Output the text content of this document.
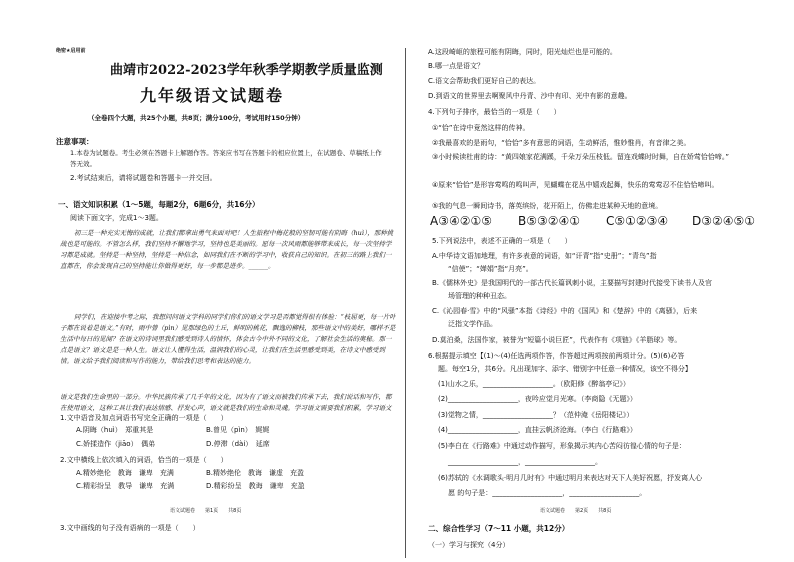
绝密★启用前
曲靖市2022-2023学年秋季学期教学质量监测
九年级语文试题卷
（全卷四个大题，共25个小题，共8页；满分100分，考试用时150分钟）
注意事项：
1.本卷为试题卷。考生必须在答题卡上解题作答。答案应书写在答题卡的相应位置上，在试题卷、草稿纸上作答无效。
2.考试结束后，请将试题卷和答题卡一并交回。
一、语文知识积累（1～5题，每题2分，6题6分，共16分）
阅读下面文字，完成1～3题。
初三是一种充实无悔的成就，让我们都拿出勇气来面对吧！人生旅程中梅花般的坚韧可能有阴晦（huì），那种挑战也是可能的。不管怎么样，我们坚持不懈地学习，坚持也是美丽的。愿每一次风雨都能够带来成长，每一次坚持学习都是成就。坚持是一种坚持，坚持是一种信念，如同我们在不断的学习中，收获自己的知识。在初三的路上我们一直都在，你会发现自己的坚持能让你做得更好，每一步都是进步。______。
同学们，在迎接中考之际，我想问问语文学科的同学们你们的语文学习是否都觉得很有体验：“枝屈更，每一片叶子都在说着是语文。”有时，雨中曾（pìn）见那绿色的土丘，鲜明的桃花，飘逸的柳枝，那些语文中的美好，哪样不是生活中每日的见闻？在语文的诗词里我们感受到诗人的情怀，体会古今中外不同的文化，了解社会生活的奥秘。那一点是语文？语文是是一种人生。语文让人懂得生活，温润我们的心灵，让我们在生活里感受到美，在诗文中感受到情。语文给予我们阅读和写作的能力，带给我们思考和表达的能力。
语文是我们生命里的一部分。中华民族传承了几千年的文化，因为有了语文而被我们传承下去，我们说话和写作，都在使用语文，这种工具让我们表达情感、抒发心声，语文就是我们的生命和灵魂。学习语文需要我们积累，学习语文
1.文中语音及加点词语书写完全正确的一项是（　　）
A.阴晦（huì）　郑重其是	B.曾见（pìn）　娓娓
C.娇揉造作（jiāo）　偶弟	D.停滞（dài）　延席
2.文中横线上依次填入的词语，恰当的一项是（　　）
A.精妙绝伦　教诲　谦卑　充满	B.精妙绝伦　教诲　谦虚　充盈
C.精彩纷呈　教导　谦卑　充满	D.精彩纷呈　教诲　谦卑　充盈
语文试题卷　　第1页　　共8页
3.文中画线的句子没有语病的一项是（　　）
A.这段崎岖的旅程可能有阴晦，同时，阳光灿烂也是可能的。
B.哪一点是语文？
C.语文会帮助我们更好自己的表达。
D.到语文的世界里去啊聚风中丹青、沙中有印、光中有影的意趣。
4.下列句子排序，最恰当的一项是（　　）
①“恰”在诗中竟然这样的传神。
②我最喜欢的是雨句，“恰恰”多有意思的词语，生动鲜活，惟妙惟肖，有音律之美。
③小时候读杜甫的诗：“黄四娘家花满蹊，千朵万朵压枝低。留连戏蝶时时舞，自在娇莺恰恰啼。”
④原来“恰恰”是形容莺鸣的鸣叫声，见蝴蝶在花丛中嬉戏起舞，快乐的莺莺忍不住恰恰啼叫。
⑤我的气息一瞬间诗书，落英缤纷，花开陌上，仿佛走进某种天地的意境。
A③④②①⑤ B⑤③②④① C⑤①②③④ D③②④⑤①
5.下列说法中，表述不正确的一项是（　　）
A.中华诗文语加地理，有许多表意的词语，如“讦青”指“史册”；“青鸟”指
“信使”；“婵娟”指“月亮”。
B.《儒林外史》是我国明代的一部古代长篇讽刺小说，主要描写封建时代接受下读书人及官
场管理的种种丑态。
C.《沁园春·雪》中的“风骚”本指《诗经》中的《国风》和《楚辞》中的《离骚》，后来
泛指文学作品。
D.莫泊桑，法国作家，被誉为“短篇小说巨匠”，代表作有《项链》《羊脂球》等。
6.根据提示填空【(1)～(4)任选两项作答，作答超过两项按前两项计分。(5)(6)必答
题。每空1分，共6分。凡出现加字、添字、错别字中任意一种情况，该空不得分】
(1)山水之乐，____________________。（欧阳修《醉翁亭记》）
(2)____________________，夜吟应觉月光寒。（李商隐《无题》）
(3)觉物之情，____________________？（范仲淹《岳阳楼记》）
(4)____________________，直挂云帆济沧海。（李白《行路难》）
(5)李白在《行路难》中通过动作描写，形象揭示其内心苦闷彷徨心情的句子是：
____________________，____________________。
(6)苏轼的《水调歌头·明月几时有》中通过明月来表达对天下人美好祝愿，抒发离人心
愿 的句子是：____________________，____________________。
语文试题卷　　第2页　　共8页
二、综合性学习（7～11 小题，共12分）
（一）学习与探究（4分）
